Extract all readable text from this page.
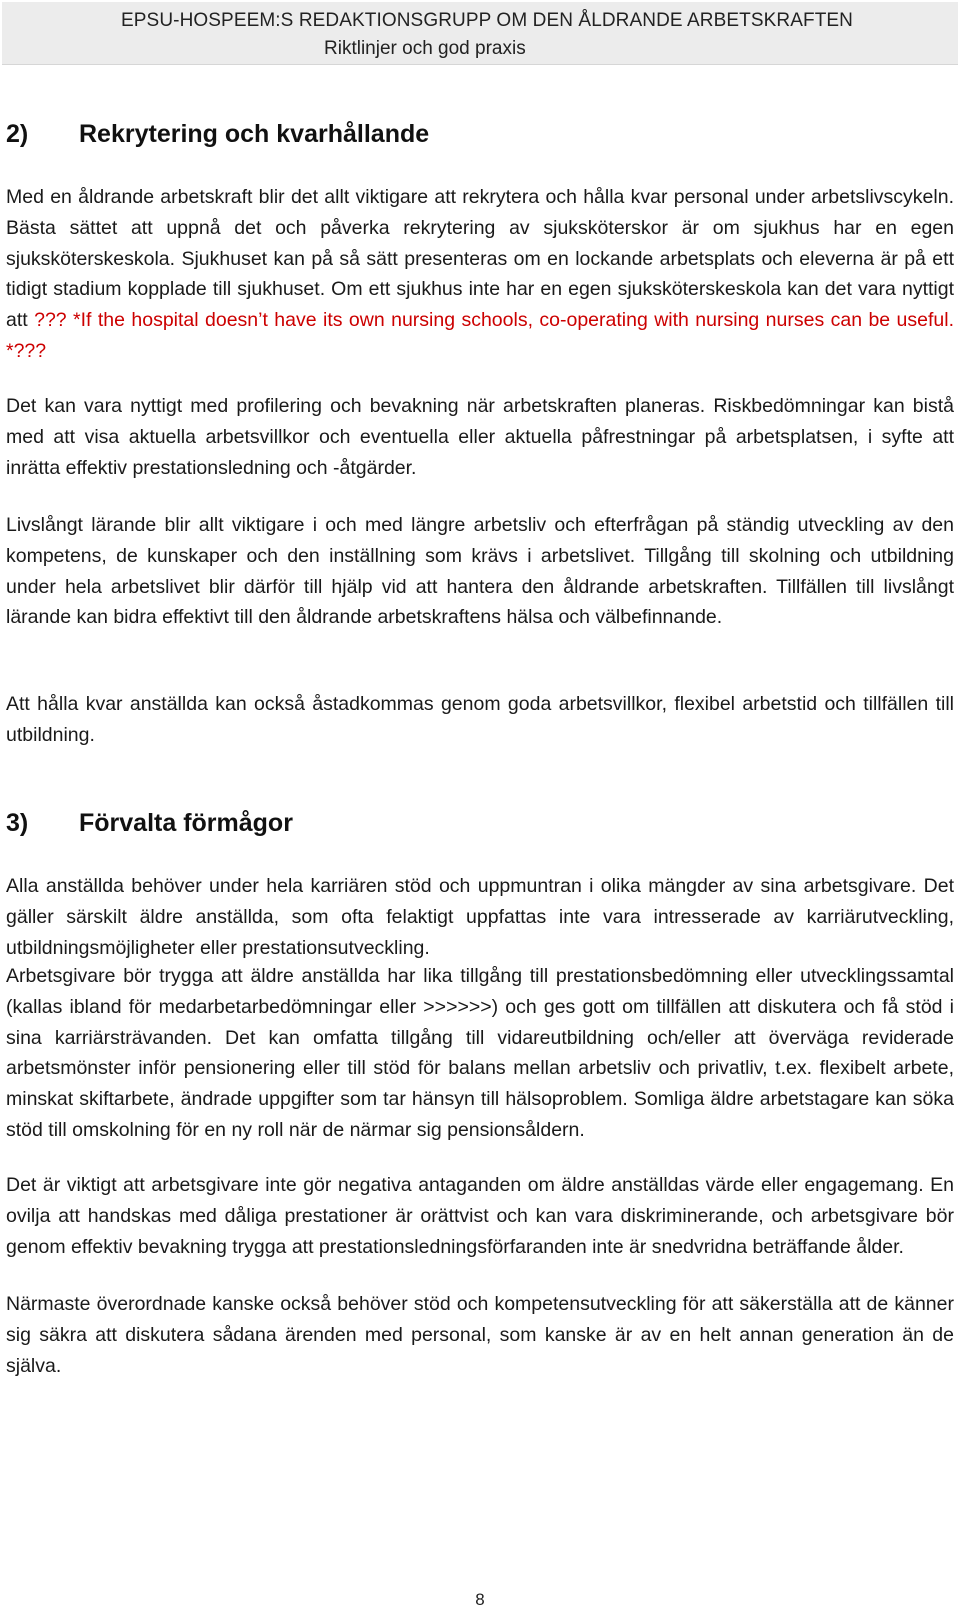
EPSU-HOSPEEM:S REDAKTIONSGRUPP OM DEN ÅLDRANDE ARBETSKRAFTEN
Riktlinjer och god praxis
2) Rekrytering och kvarhållande

Med en åldrande arbetskraft blir det allt viktigare att rekrytera och hålla kvar personal under arbetslivscykeln. Bästa sättet att uppnå det och påverka rekrytering av sjuksköterskor är om sjukhus har en egen sjuksköterskeskola. Sjukhuset kan på så sätt presenteras om en lockande arbetsplats och eleverna är på ett tidigt stadium kopplade till sjukhuset. Om ett sjukhus inte har en egen sjuksköterskeskola kan det vara nyttigt att ??? *If the hospital doesn’t have its own nursing schools, co-operating with nursing nurses can be useful. *???

Det kan vara nyttigt med profilering och bevakning när arbetskraften planeras. Riskbedömningar kan bistå med att visa aktuella arbetsvillkor och eventuella eller aktuella påfrestningar på arbetsplatsen, i syfte att inrätta effektiv prestationsledning och -åtgärder.

Livslångt lärande blir allt viktigare i och med längre arbetsliv och efterfrågan på ständig utveckling av den kompetens, de kunskaper och den inställning som krävs i arbetslivet. Tillgång till skolning och utbildning under hela arbetslivet blir därför till hjälp vid att hantera den åldrande arbetskraften. Tillfällen till livslångt lärande kan bidra effektivt till den åldrande arbetskraftens hälsa och välbefinnande.

Att hålla kvar anställda kan också åstadkommas genom goda arbetsvillkor, flexibel arbetstid och tillfällen till utbildning.

3) Förvalta förmågor

Alla anställda behöver under hela karriären stöd och uppmuntran i olika mängder av sina arbetsgivare. Det gäller särskilt äldre anställda, som ofta felaktigt uppfattas inte vara intresserade av karriärutveckling, utbildningsmöjligheter eller prestationsutveckling.

Arbetsgivare bör trygga att äldre anställda har lika tillgång till prestationsbedömning eller utvecklingssamtal (kallas ibland för medarbetarbedömningar eller >>>>>>) och ges gott om tillfällen att diskutera och få stöd i sina karriärsträvanden. Det kan omfatta tillgång till vidareutbildning och/eller att överväga reviderade arbetsmönster inför pensionering eller till stöd för balans mellan arbetsliv och privatliv, t.ex. flexibelt arbete, minskat skiftarbete, ändrade uppgifter som tar hänsyn till hälsoproblem. Somliga äldre arbetstagare kan söka stöd till omskolning för en ny roll när de närmar sig pensionsåldern.

Det är viktigt att arbetsgivare inte gör negativa antaganden om äldre anställdas värde eller engagemang. En ovilja att handskas med dåliga prestationer är orättvist och kan vara diskriminerande, och arbetsgivare bör genom effektiv bevakning trygga att prestationsledningsförfaranden inte är snedvridna beträffande ålder.

Närmaste överordnade kanske också behöver stöd och kompetensutveckling för att säkerställa att de känner sig säkra att diskutera sådana ärenden med personal, som kanske är av en helt annan generation än de själva.

8
